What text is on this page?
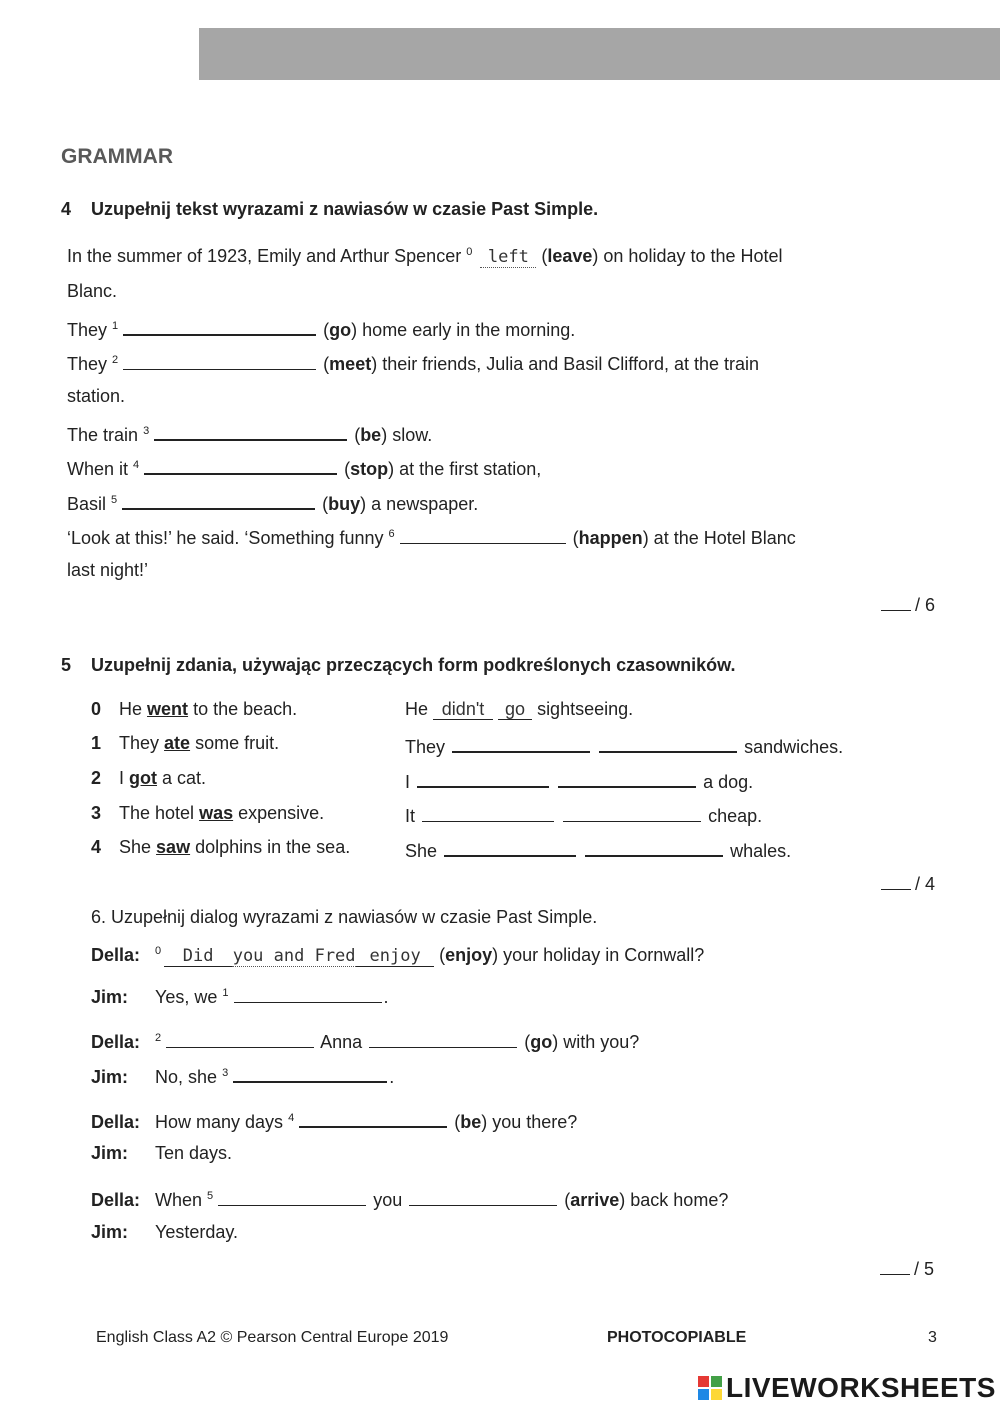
GRAMMAR
4 Uzupełnij tekst wyrazami z nawiasów w czasie Past Simple.
In the summer of 1923, Emily and Arthur Spencer $^0$ left (leave) on holiday to the Hotel
Blanc.
They $^1$	(go) home early in the morning.
They $^2$	(meet) their friends, Julia and Basil Clifford, at the train
station.
The train $^3$	(be) slow.
When it $^4$	(stop) at the first station,
Basil $^5$	(buy) a newspaper.
‘Look at this!’ he said. ‘Something funny $^6$	(happen) at the Hotel Blanc
last night!’
/ 6
5 Uzupełnij zdania, używając przeczących form podkreślonych czasowników.
0 He went to the beach.	He didn't go sightseeing.
1 They ate some fruit.	They	sandwiches.
2 I got a cat.	I	a dog.
3 The hotel was expensive.	It	cheap.
4 She saw dolphins in the sea.	She	whales.
/ 4
6. Uzupełnij dialog wyrazami z nawiasów w czasie Past Simple.
Della: $^0$ Did you and Fred enjoy (enjoy) your holiday in Cornwall?
Jim: Yes, we $^1$	.
Della: $^2$	Anna	(go) with you?
Jim: No, she $^3$	.
Della: How many days $^4$	(be) you there?
Jim: Ten days.
Della: When $^5$	you	(arrive) back home?
Jim: Yesterday.
/ 5
English Class A2 © Pearson Central Europe 2019	PHOTOCOPIABLE	3
LIVEWORKSHEETS
